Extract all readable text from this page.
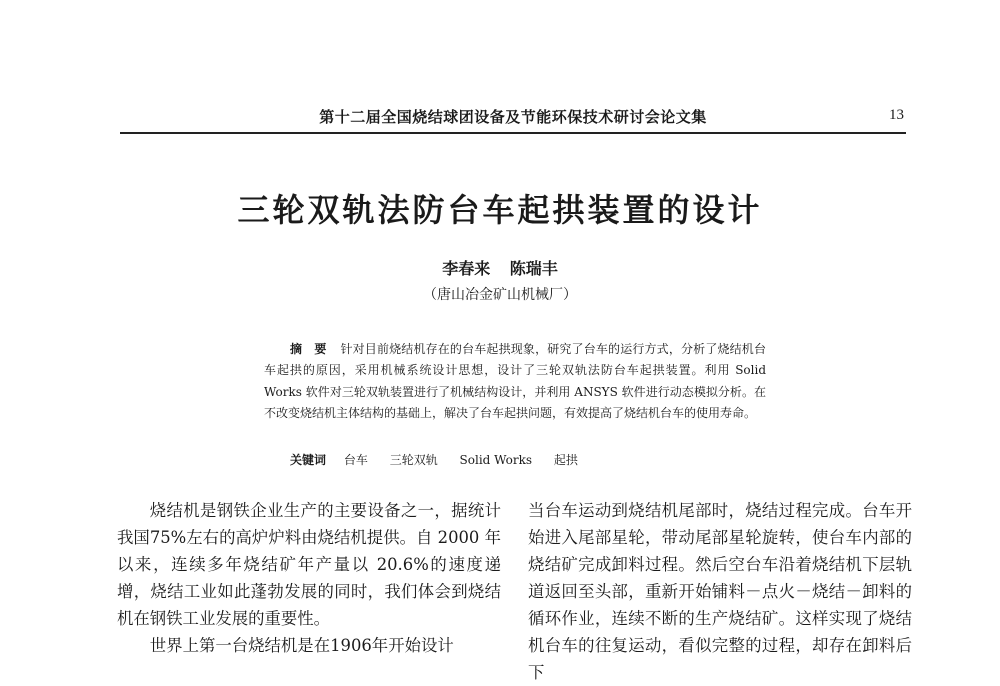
第十二届全国烧结球团设备及节能环保技术研讨会论文集	13
三轮双轨法防台车起拱装置的设计
李春来 陈瑞丰
（唐山冶金矿山机械厂）
摘　要 针对目前烧结机存在的台车起拱现象，研究了台车的运行方式，分析了烧结机台车起拱的原因，采用机械系统设计思想，设计了三轮双轨法防台车起拱装置。利用 Solid Works 软件对三轮双轨装置进行了机械结构设计，并利用 ANSYS 软件进行动态模拟分析。在不改变烧结机主体结构的基础上，解决了台车起拱问题，有效提高了烧结机台车的使用寿命。
关键词 台车 三轮双轨 Solid Works 起拱

烧结机是钢铁企业生产的主要设备之一，据统计我国75%左右的高炉炉料由烧结机提供。自 2000 年以来，连续多年烧结矿年产量以 20.6%的速度递增，烧结工业如此蓬勃发展的同时，我们体会到烧结机在钢铁工业发展的重要性。

世界上第一台烧结机是在1906年开始设计

当台车运动到烧结机尾部时，烧结过程完成。台车开始进入尾部星轮，带动尾部星轮旋转，使台车内部的烧结矿完成卸料过程。然后空台车沿着烧结机下层轨道返回至头部，重新开始铺料－点火－烧结－卸料的循环作业，连续不断的生产烧结矿。这样实现了烧结机台车的往复运动，看似完整的过程，却存在卸料后下
